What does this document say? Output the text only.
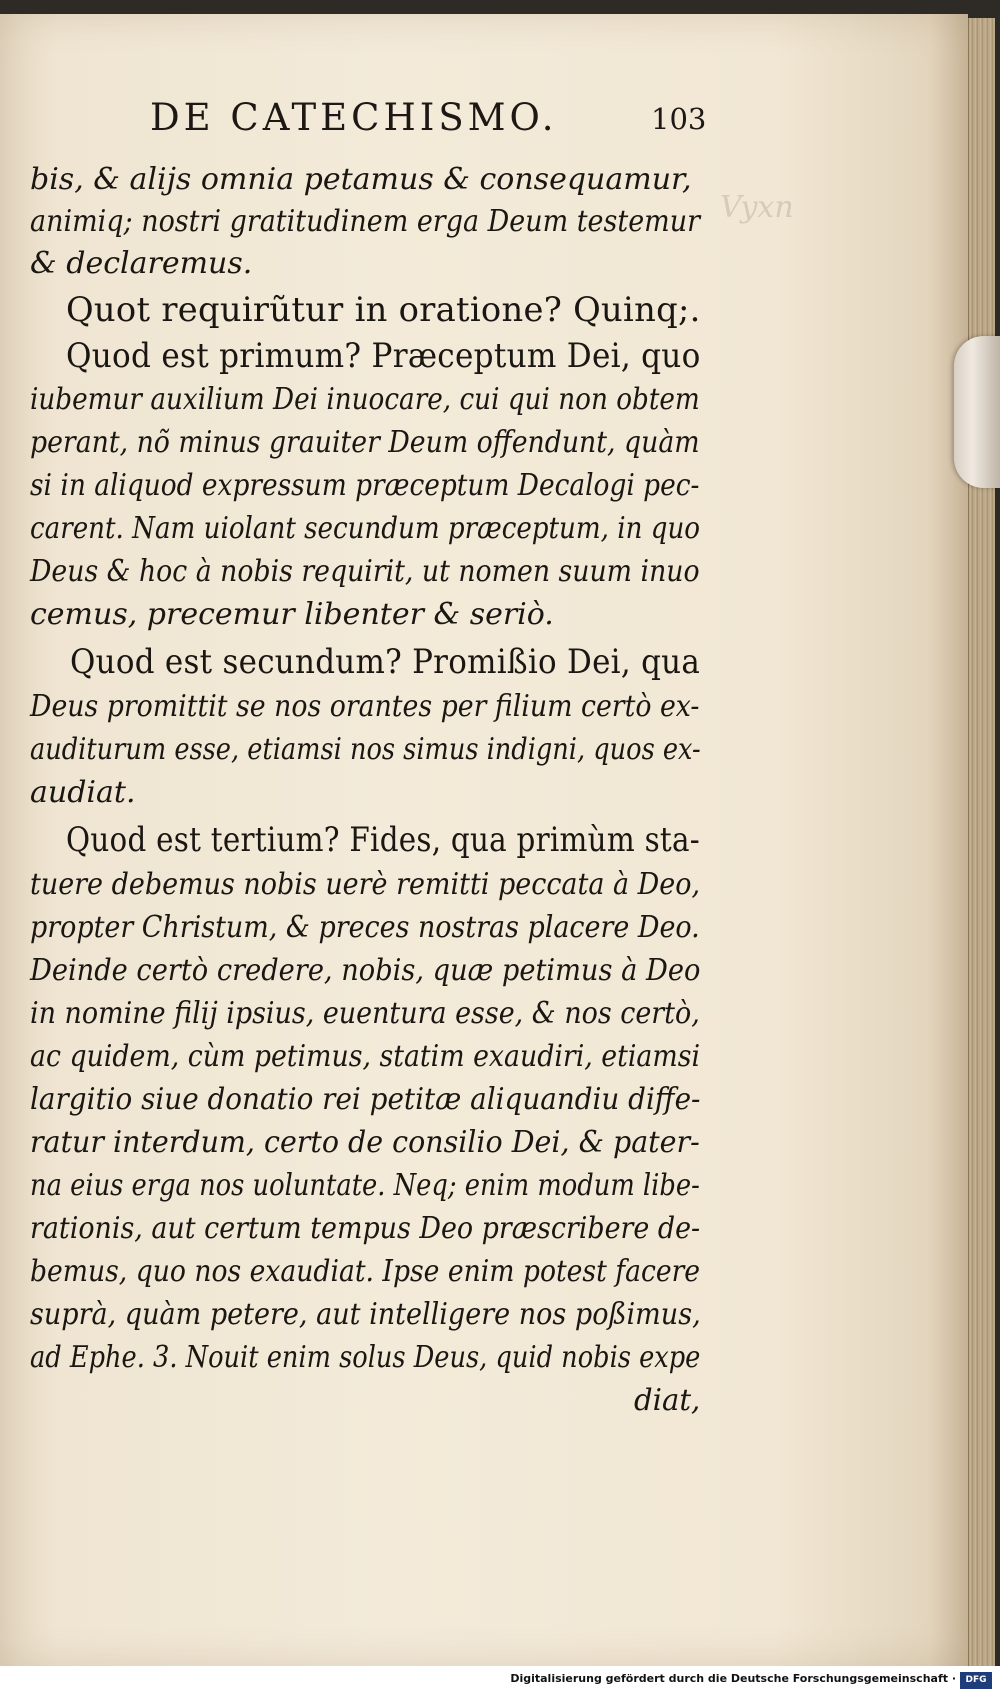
Vyxn
DE CATECHISMO.	103
bis, & alijs omnia petamus & consequamur,
animiq; nostri gratitudinem erga Deum testemur
& declaremus.
Quot requirũtur in oratione? Quinq;.
Quod est primum? Præceptum Dei, quo
iubemur auxilium Dei inuocare, cui qui non obtem
perant, nõ minus grauiter Deum offendunt, quàm
si in aliquod expressum præceptum Decalogi pec-
carent. Nam uiolant secundum præceptum, in quo
Deus & hoc à nobis requirit, ut nomen suum inuo
cemus, precemur libenter & seriò.
Quod est secundum? Promißio Dei, qua
Deus promittit se nos orantes per filium certò ex-
auditurum esse, etiamsi nos simus indigni, quos ex-
audiat.
Quod est tertium? Fides, qua primùm sta-
tuere debemus nobis uerè remitti peccata à Deo,
propter Christum, & preces nostras placere Deo.
Deinde certò credere, nobis, quæ petimus à Deo
in nomine filij ipsius, euentura esse, & nos certò,
ac quidem, cùm petimus, statim exaudiri, etiamsi
largitio siue donatio rei petitæ aliquandiu diffe-
ratur interdum, certo de consilio Dei, & pater-
na eius erga nos uoluntate. Neq; enim modum libe-
rationis, aut certum tempus Deo præscribere de-
bemus, quo nos exaudiat. Ipse enim potest facere
suprà, quàm petere, aut intelligere nos poßimus,
ad Ephe. 3. Nouit enim solus Deus, quid nobis expe
diat,
Digitalisierung gefördert durch die Deutsche Forschungsgemeinschaft ·	DFG
